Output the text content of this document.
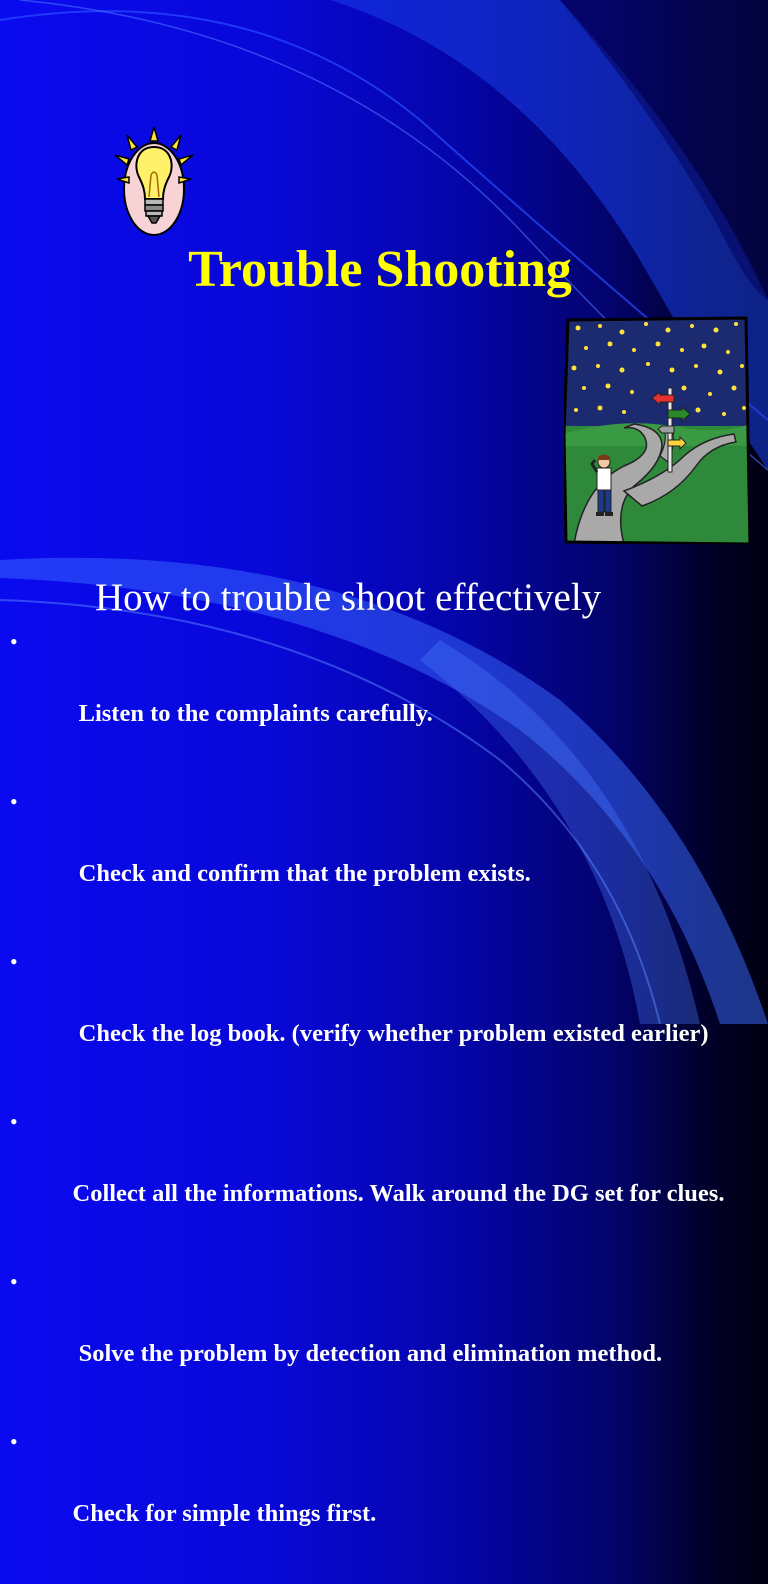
Trouble Shooting
How to trouble shoot effectively

•

Listen to the complaints carefully.

•

Check and confirm that the problem exists.

•

Check the log book. (verify whether problem existed earlier)

•

Collect all the informations. Walk around the DG set for clues.

•

Solve the problem by detection and elimination method.

•

Check for simple things first.
